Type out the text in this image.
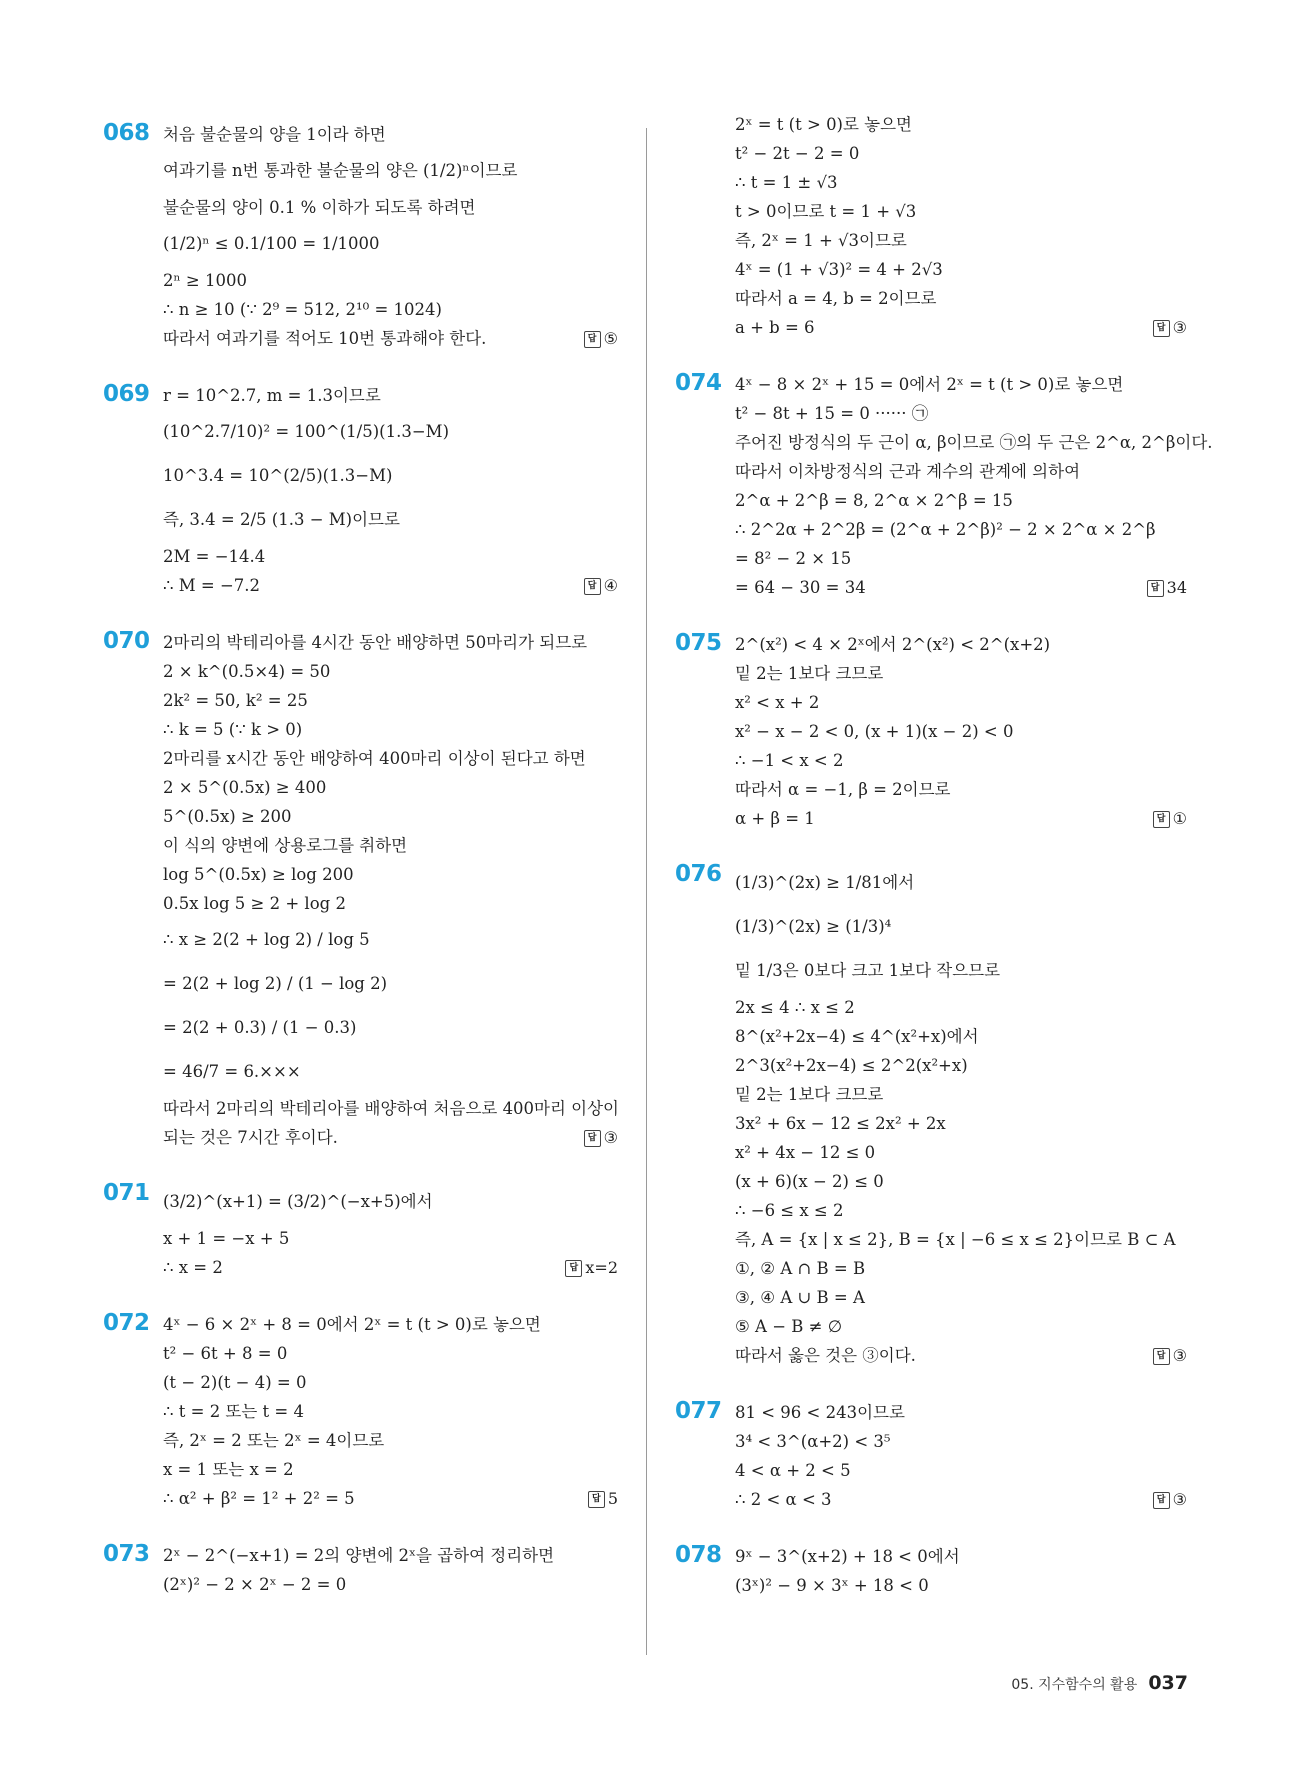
068 처음 불순물의 양을 1이라 하면
여과기를 n번 통과한 불순물의 양은 (1/2)ⁿ이므로
불순물의 양이 0.1 % 이하가 되도록 하려면
(1/2)ⁿ ≤ 0.1/100 = 1/1000
2ⁿ ≥ 1000
∴ n ≥ 10 (∵ 2⁹ = 512, 2¹⁰ = 1024)
따라서 여과기를 적어도 10번 통과해야 한다.	답 ⑤
069 r = 10^2.7, m = 1.3이므로
(10^2.7/10)² = 100^(1/5)(1.3−M)
10^3.4 = 10^(2/5)(1.3−M)
즉, 3.4 = 2/5 (1.3 − M)이므로
2M = −14.4
∴ M = −7.2	답 ④
070 2마리의 박테리아를 4시간 동안 배양하면 50마리가 되므로
2 × k^(0.5×4) = 50
2k² = 50, k² = 25
∴ k = 5 (∵ k > 0)
2마리를 x시간 동안 배양하여 400마리 이상이 된다고 하면
2 × 5^(0.5x) ≥ 400
5^(0.5x) ≥ 200
이 식의 양변에 상용로그를 취하면
log 5^(0.5x) ≥ log 200
0.5x log 5 ≥ 2 + log 2
∴ x ≥ 2(2 + log 2) / log 5
= 2(2 + log 2) / (1 − log 2)
= 2(2 + 0.3) / (1 − 0.3)
= 46/7 = 6.×××
따라서 2마리의 박테리아를 배양하여 처음으로 400마리 이상이
되는 것은 7시간 후이다.	답 ③
071 (3/2)^(x+1) = (3/2)^(−x+5)에서
x + 1 = −x + 5
∴ x = 2	답 x=2
072 4ˣ − 6 × 2ˣ + 8 = 0에서 2ˣ = t (t > 0)로 놓으면
t² − 6t + 8 = 0
(t − 2)(t − 4) = 0
∴ t = 2 또는 t = 4
즉, 2ˣ = 2 또는 2ˣ = 4이므로
x = 1 또는 x = 2
∴ α² + β² = 1² + 2² = 5	답 5
073 2ˣ − 2^(−x+1) = 2의 양변에 2ˣ을 곱하여 정리하면
(2ˣ)² − 2 × 2ˣ − 2 = 0
2ˣ = t (t > 0)로 놓으면
t² − 2t − 2 = 0
∴ t = 1 ± √3
t > 0이므로 t = 1 + √3
즉, 2ˣ = 1 + √3이므로
4ˣ = (1 + √3)² = 4 + 2√3
따라서 a = 4, b = 2이므로
a + b = 6	답 ③
074 4ˣ − 8 × 2ˣ + 15 = 0에서 2ˣ = t (t > 0)로 놓으면
t² − 8t + 15 = 0 ······ ㉠
주어진 방정식의 두 근이 α, β이므로 ㉠의 두 근은 2^α, 2^β이다.
따라서 이차방정식의 근과 계수의 관계에 의하여
2^α + 2^β = 8, 2^α × 2^β = 15
∴ 2^2α + 2^2β = (2^α + 2^β)² − 2 × 2^α × 2^β
= 8² − 2 × 15
= 64 − 30 = 34	답 34
075 2^(x²) < 4 × 2ˣ에서 2^(x²) < 2^(x+2)
밑 2는 1보다 크므로
x² < x + 2
x² − x − 2 < 0, (x + 1)(x − 2) < 0
∴ −1 < x < 2
따라서 α = −1, β = 2이므로
α + β = 1	답 ①
076 (1/3)^(2x) ≥ 1/81에서
(1/3)^(2x) ≥ (1/3)⁴
밑 1/3은 0보다 크고 1보다 작으므로
2x ≤ 4 ∴ x ≤ 2
8^(x²+2x−4) ≤ 4^(x²+x)에서
2^3(x²+2x−4) ≤ 2^2(x²+x)
밑 2는 1보다 크므로
3x² + 6x − 12 ≤ 2x² + 2x
x² + 4x − 12 ≤ 0
(x + 6)(x − 2) ≤ 0
∴ −6 ≤ x ≤ 2
즉, A = {x | x ≤ 2}, B = {x | −6 ≤ x ≤ 2}이므로 B ⊂ A
①, ② A ∩ B = B
③, ④ A ∪ B = A
⑤ A − B ≠ ∅
따라서 옳은 것은 ③이다.	답 ③
077 81 < 96 < 243이므로
3⁴ < 3^(α+2) < 3⁵
4 < α + 2 < 5
∴ 2 < α < 3	답 ③
078 9ˣ − 3^(x+2) + 18 < 0에서
(3ˣ)² − 9 × 3ˣ + 18 < 0
05. 지수함수의 활용 037
